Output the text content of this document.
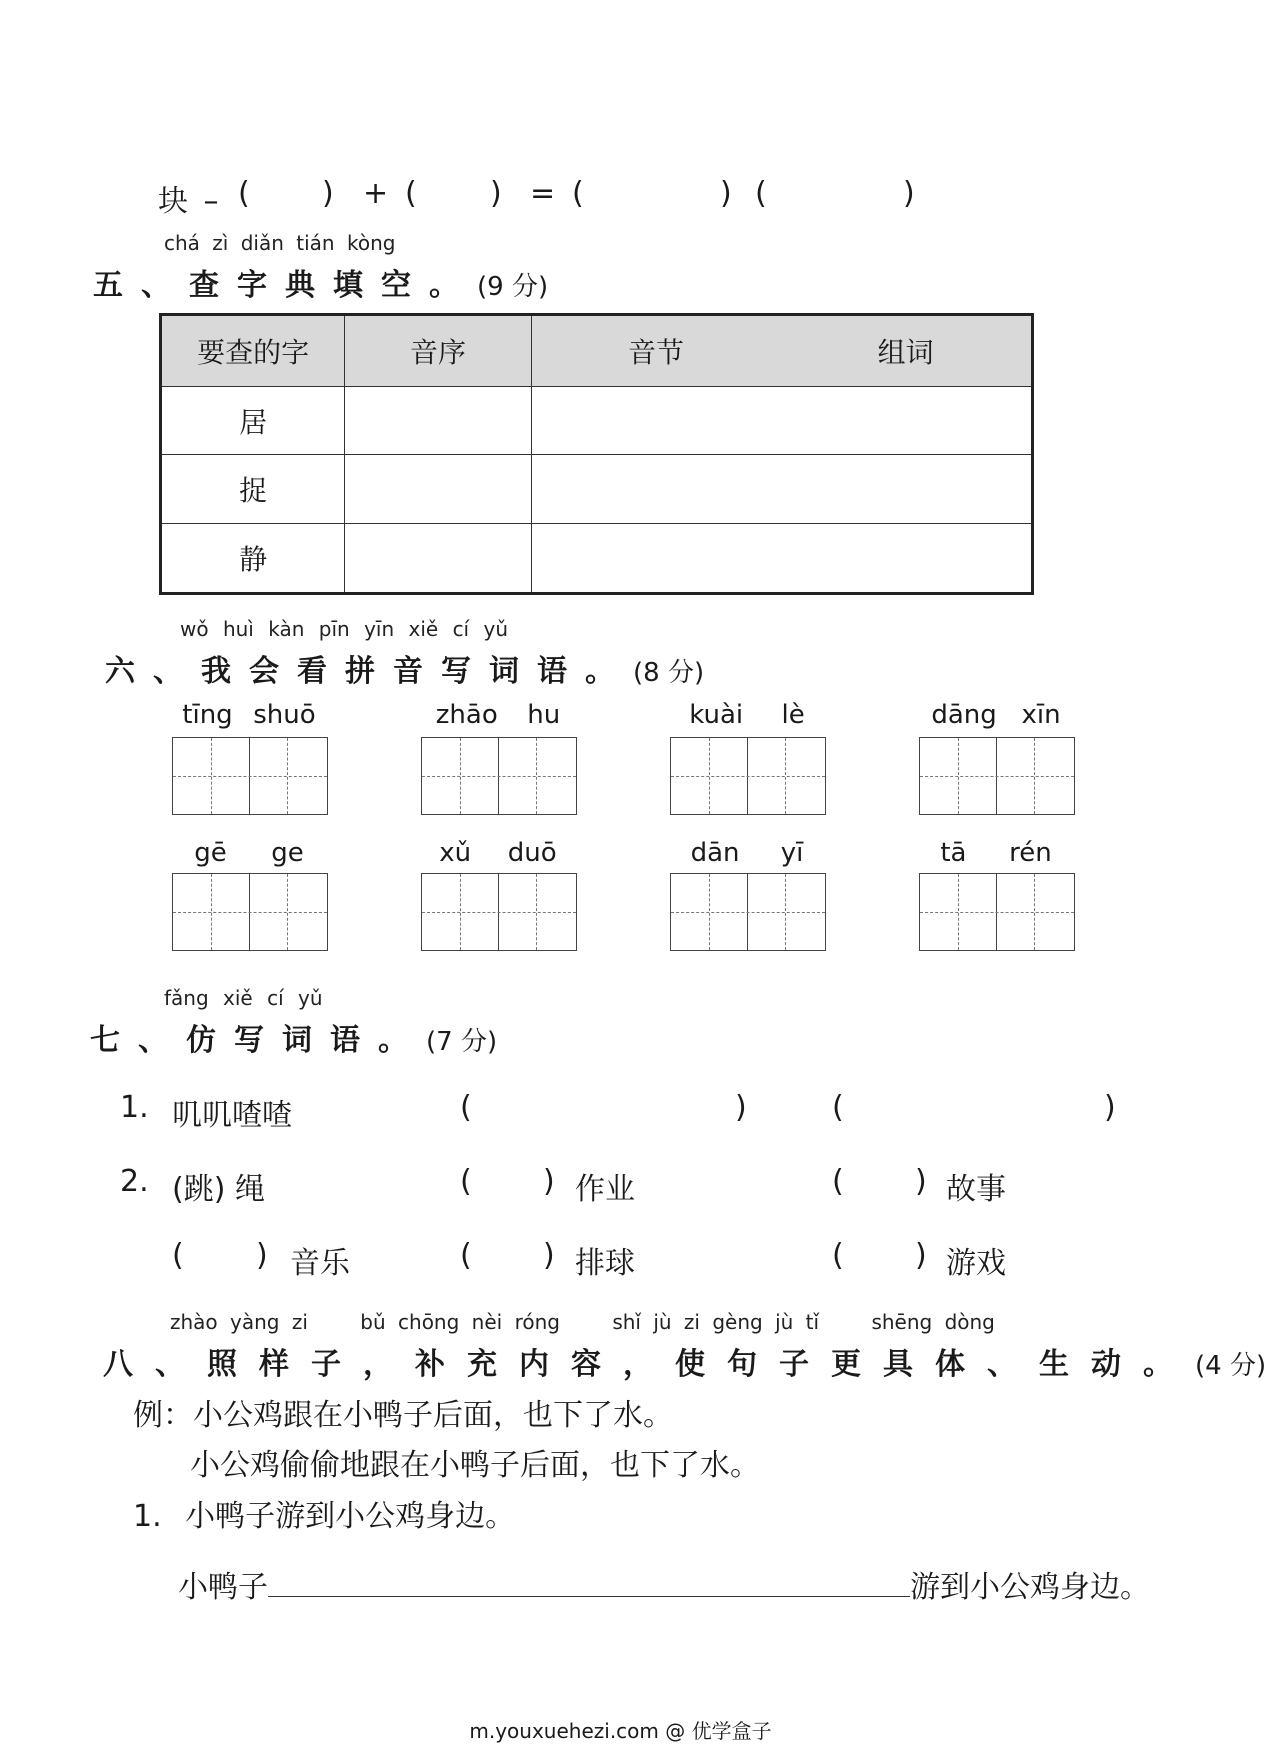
块 – ( ) + ( ) = (	) (	)
chá zì diǎn tián kòng
五、查字典填空。(9 分)
要查的字	音序	音节	组词
居			
捉			
静			
wǒ huì kàn pīn yīn xiě cí yǔ
六、我会看拼音写词语。(8 分)
tīng shuō	zhāo hu	kuài lè	dāng xīn
gē ge	xǔ duō	dān yī	tā rén
fǎng xiě cí yǔ
七、仿写词语。(7 分)
1. 叽叽喳喳	(	)	(	)
2. (跳) 绳	( ) 作业	( ) 故事
( ) 音乐	( ) 排球	( ) 游戏
zhào yàng zi	bǔ chōng nèi róng	shǐ jù zi gèng jù tǐ	shēng dòng
八、照样子，补充内容，使句子更具体、生动。(4 分)
例：小公鸡跟在小鸭子后面，也下了水。
小公鸡偷偷地跟在小鸭子后面，也下了水。
1. 小鸭子游到小公鸡身边。
小鸭子	游到小公鸡身边。
m.youxuehezi.com @ 优学盒子
